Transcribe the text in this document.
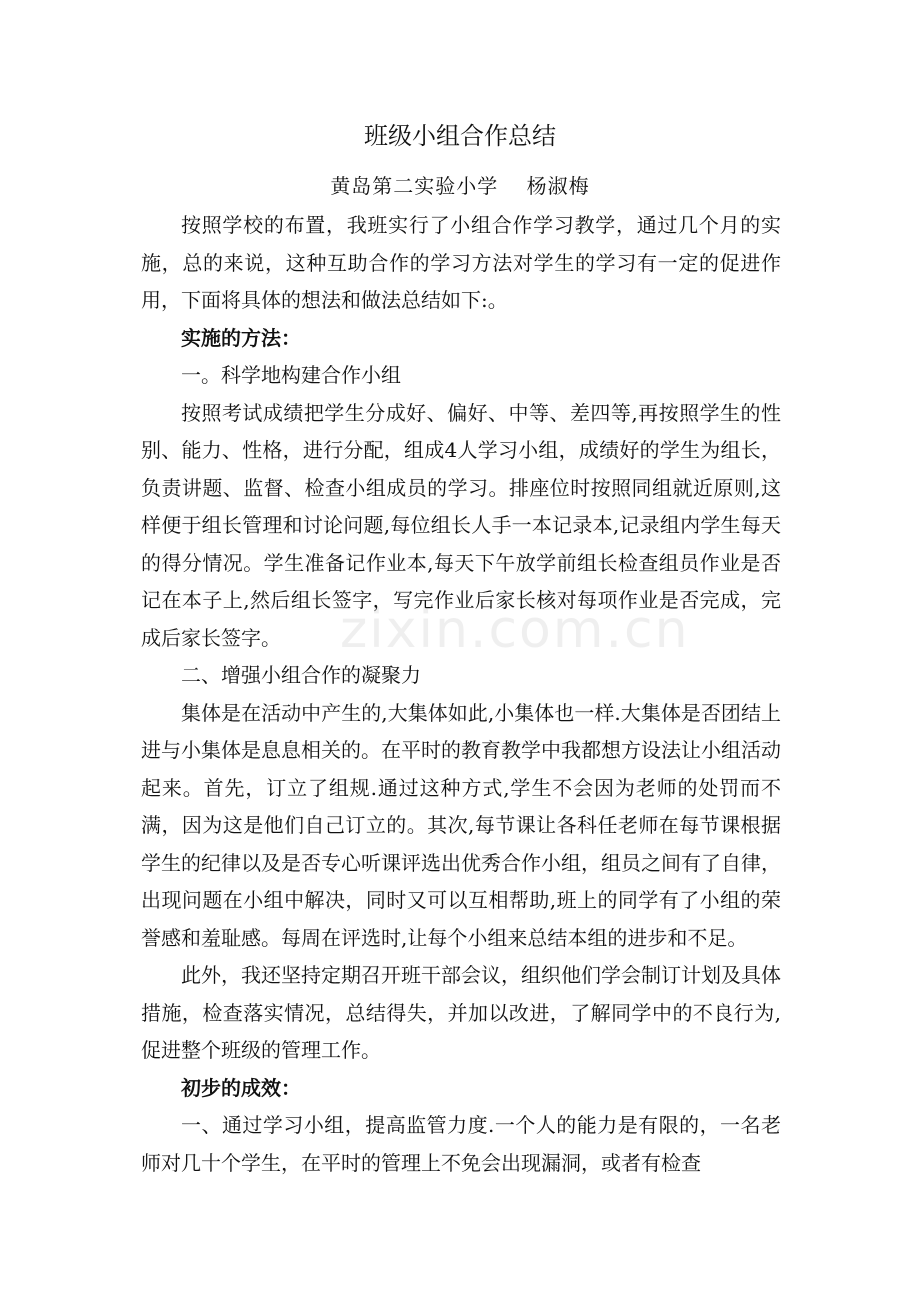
班级小组合作总结
黄岛第二实验小学　 杨淑梅

按照学校的布置，我班实行了小组合作学习教学，通过几个月的实施，总的来说，这种互助合作的学习方法对学生的学习有一定的促进作用，下面将具体的想法和做法总结如下:。

实施的方法：

一。科学地构建合作小组

按照考试成绩把学生分成好、偏好、中等、差四等,再按照学生的性别、能力、性格，进行分配，组成4人学习小组，成绩好的学生为组长，负责讲题、监督、检查小组成员的学习。排座位时按照同组就近原则,这样便于组长管理和讨论问题,每位组长人手一本记录本,记录组内学生每天的得分情况。学生准备记作业本,每天下午放学前组长检查组员作业是否记在本子上,然后组长签字，写完作业后家长核对每项作业是否完成，完成后家长签字。

二、增强小组合作的凝聚力

集体是在活动中产生的,大集体如此,小集体也一样.大集体是否团结上进与小集体是息息相关的。在平时的教育教学中我都想方设法让小组活动起来。首先，订立了组规.通过这种方式,学生不会因为老师的处罚而不满，因为这是他们自己订立的。其次,每节课让各科任老师在每节课根据学生的纪律以及是否专心听课评选出优秀合作小组，组员之间有了自律，出现问题在小组中解决，同时又可以互相帮助,班上的同学有了小组的荣誉感和羞耻感。每周在评选时,让每个小组来总结本组的进步和不足。

此外，我还坚持定期召开班干部会议，组织他们学会制订计划及具体措施，检查落实情况，总结得失，并加以改进，了解同学中的不良行为,促进整个班级的管理工作。

初步的成效：

一、通过学习小组，提高监管力度.一个人的能力是有限的，一名老师对几十个学生，在平时的管理上不免会出现漏洞，或者有检查

zixin.com.cn
